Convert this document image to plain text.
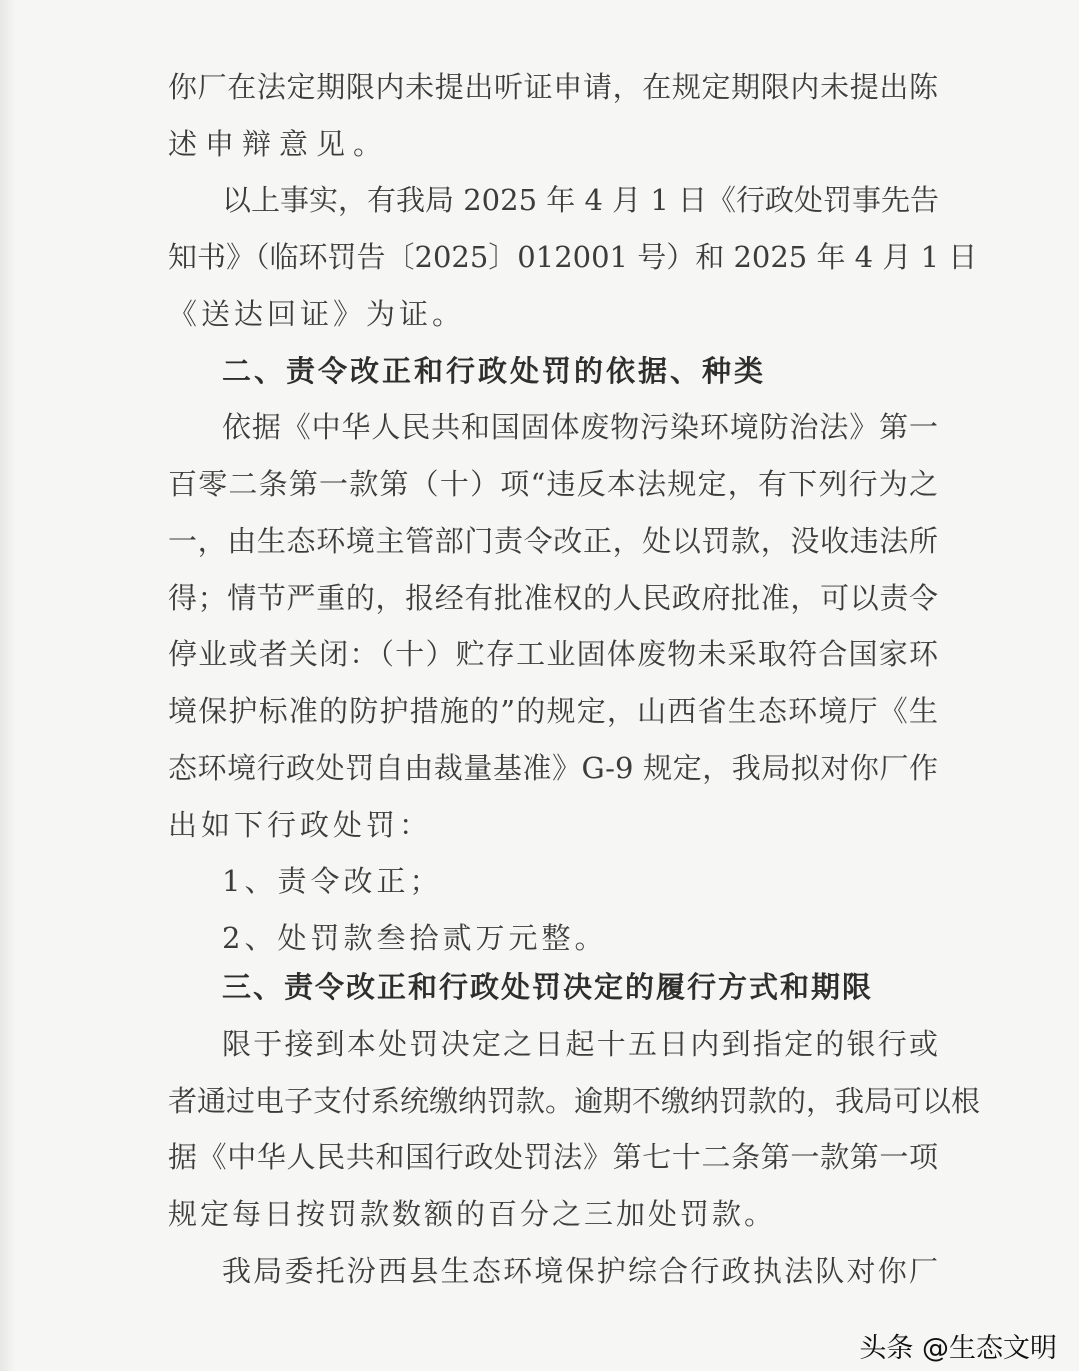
你厂在法定期限内未提出听证申请，在规定期限内未提出陈
述申辩意见。
以上事实，有我局 2025 年 4 月 1 日《行政处罚事先告
知书》（临环罚告〔2025〕012001 号）和 2025 年 4 月 1 日
《送达回证》为证。
二、责令改正和行政处罚的依据、种类
依据《中华人民共和国固体废物污染环境防治法》第一
百零二条第一款第（十）项“违反本法规定，有下列行为之
一，由生态环境主管部门责令改正，处以罚款，没收违法所
得；情节严重的，报经有批准权的人民政府批准，可以责令
停业或者关闭：（十）贮存工业固体废物未采取符合国家环
境保护标准的防护措施的”的规定，山西省生态环境厅《生
态环境行政处罚自由裁量基准》G-9 规定，我局拟对你厂作
出如下行政处罚：
1、责令改正；
2、处罚款叁拾贰万元整。
三、责令改正和行政处罚决定的履行方式和期限
限于接到本处罚决定之日起十五日内到指定的银行或
者通过电子支付系统缴纳罚款。逾期不缴纳罚款的，我局可以根
据《中华人民共和国行政处罚法》第七十二条第一款第一项
规定每日按罚款数额的百分之三加处罚款。
我局委托汾西县生态环境保护综合行政执法队对你厂
头条 @生态文明
